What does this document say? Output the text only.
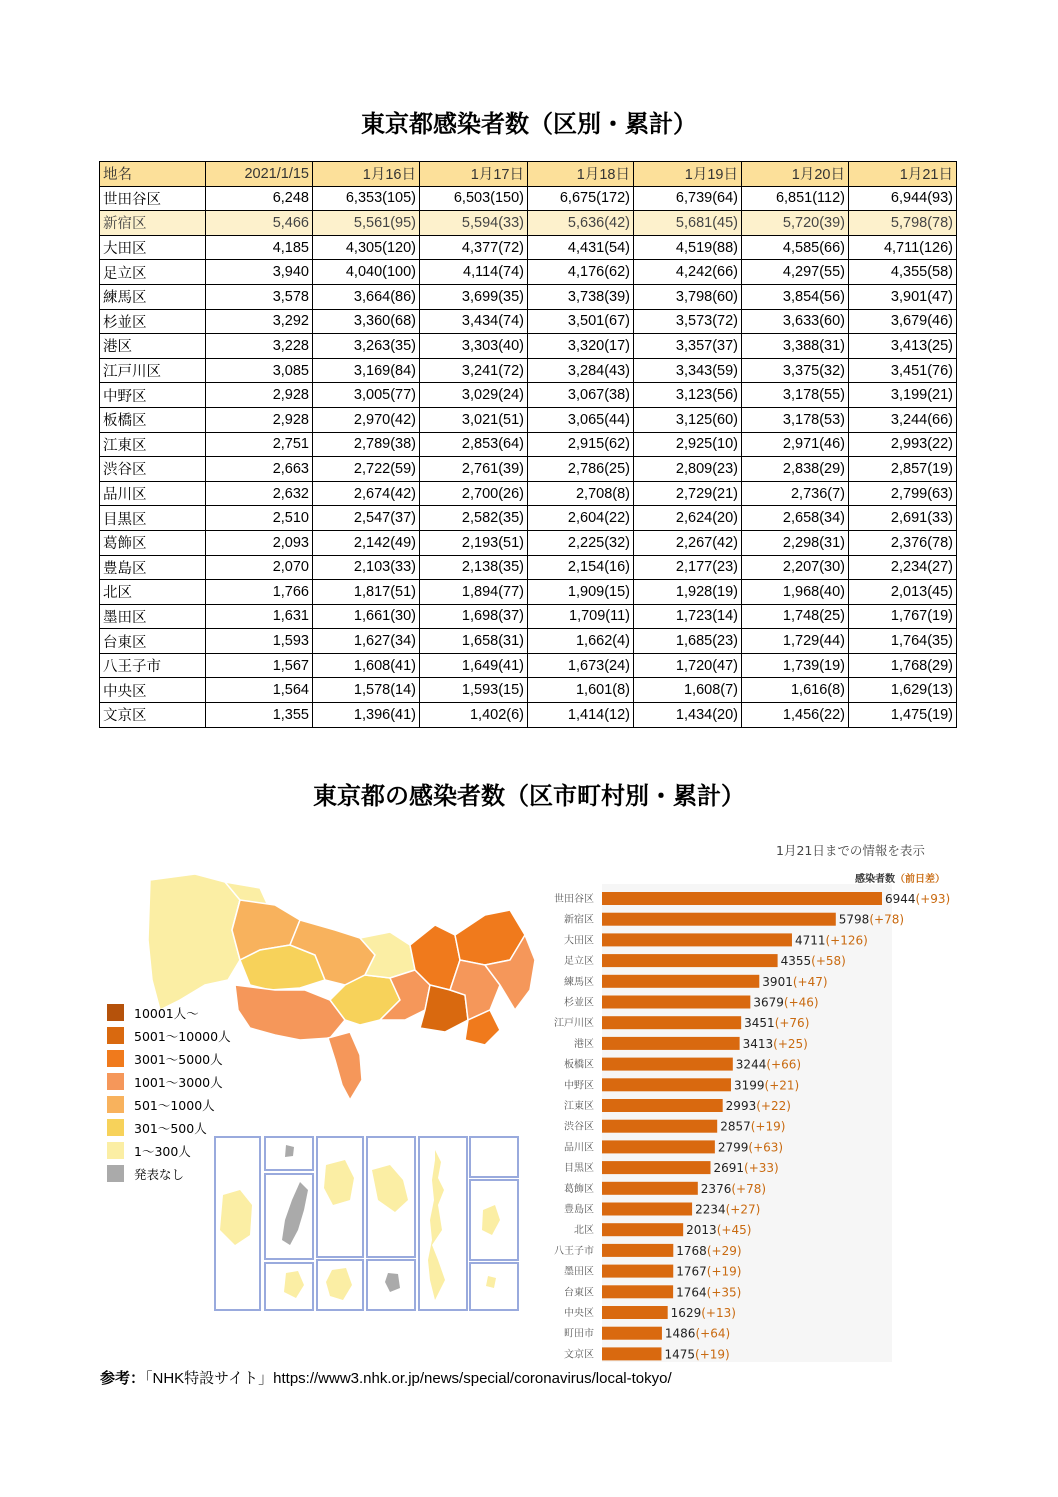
東京都感染者数（区別・累計）
地名	2021/1/15	1月16日	1月17日	1月18日	1月19日	1月20日	1月21日
世田谷区	6,248	6,353(105)	6,503(150)	6,675(172)	6,739(64)	6,851(112)	6,944(93)
新宿区	5,466	5,561(95)	5,594(33)	5,636(42)	5,681(45)	5,720(39)	5,798(78)
大田区	4,185	4,305(120)	4,377(72)	4,431(54)	4,519(88)	4,585(66)	4,711(126)
足立区	3,940	4,040(100)	4,114(74)	4,176(62)	4,242(66)	4,297(55)	4,355(58)
練馬区	3,578	3,664(86)	3,699(35)	3,738(39)	3,798(60)	3,854(56)	3,901(47)
杉並区	3,292	3,360(68)	3,434(74)	3,501(67)	3,573(72)	3,633(60)	3,679(46)
港区	3,228	3,263(35)	3,303(40)	3,320(17)	3,357(37)	3,388(31)	3,413(25)
江戸川区	3,085	3,169(84)	3,241(72)	3,284(43)	3,343(59)	3,375(32)	3,451(76)
中野区	2,928	3,005(77)	3,029(24)	3,067(38)	3,123(56)	3,178(55)	3,199(21)
板橋区	2,928	2,970(42)	3,021(51)	3,065(44)	3,125(60)	3,178(53)	3,244(66)
江東区	2,751	2,789(38)	2,853(64)	2,915(62)	2,925(10)	2,971(46)	2,993(22)
渋谷区	2,663	2,722(59)	2,761(39)	2,786(25)	2,809(23)	2,838(29)	2,857(19)
品川区	2,632	2,674(42)	2,700(26)	2,708(8)	2,729(21)	2,736(7)	2,799(63)
目黒区	2,510	2,547(37)	2,582(35)	2,604(22)	2,624(20)	2,658(34)	2,691(33)
葛飾区	2,093	2,142(49)	2,193(51)	2,225(32)	2,267(42)	2,298(31)	2,376(78)
豊島区	2,070	2,103(33)	2,138(35)	2,154(16)	2,177(23)	2,207(30)	2,234(27)
北区	1,766	1,817(51)	1,894(77)	1,909(15)	1,928(19)	1,968(40)	2,013(45)
墨田区	1,631	1,661(30)	1,698(37)	1,709(11)	1,723(14)	1,748(25)	1,767(19)
台東区	1,593	1,627(34)	1,658(31)	1,662(4)	1,685(23)	1,729(44)	1,764(35)
八王子市	1,567	1,608(41)	1,649(41)	1,673(24)	1,720(47)	1,739(19)	1,768(29)
中央区	1,564	1,578(14)	1,593(15)	1,601(8)	1,608(7)	1,616(8)	1,629(13)
文京区	1,355	1,396(41)	1,402(6)	1,414(12)	1,434(20)	1,456(22)	1,475(19)
東京都の感染者数（区市町村別・累計）
1月21日までの情報を表示
10001人～
5001～10000人
3001～5000人
1001～3000人
501～1000人
301～500人
1～300人
発表なし
感染者数（前日差）
世田谷区	6944(+93)
新宿区	5798(+78)
大田区	4711(+126)
足立区	4355(+58)
練馬区	3901(+47)
杉並区	3679(+46)
江戸川区	3451(+76)
港区	3413(+25)
板橋区	3244(+66)
中野区	3199(+21)
江東区	2993(+22)
渋谷区	2857(+19)
品川区	2799(+63)
目黒区	2691(+33)
葛飾区	2376(+78)
豊島区	2234(+27)
北区	2013(+45)
八王子市	1768(+29)
墨田区	1767(+19)
台東区	1764(+35)
中央区	1629(+13)
町田市	1486(+64)
文京区	1475(+19)
参考：「NHK特設サイト」https://www3.nhk.or.jp/news/special/coronavirus/local-tokyo/
